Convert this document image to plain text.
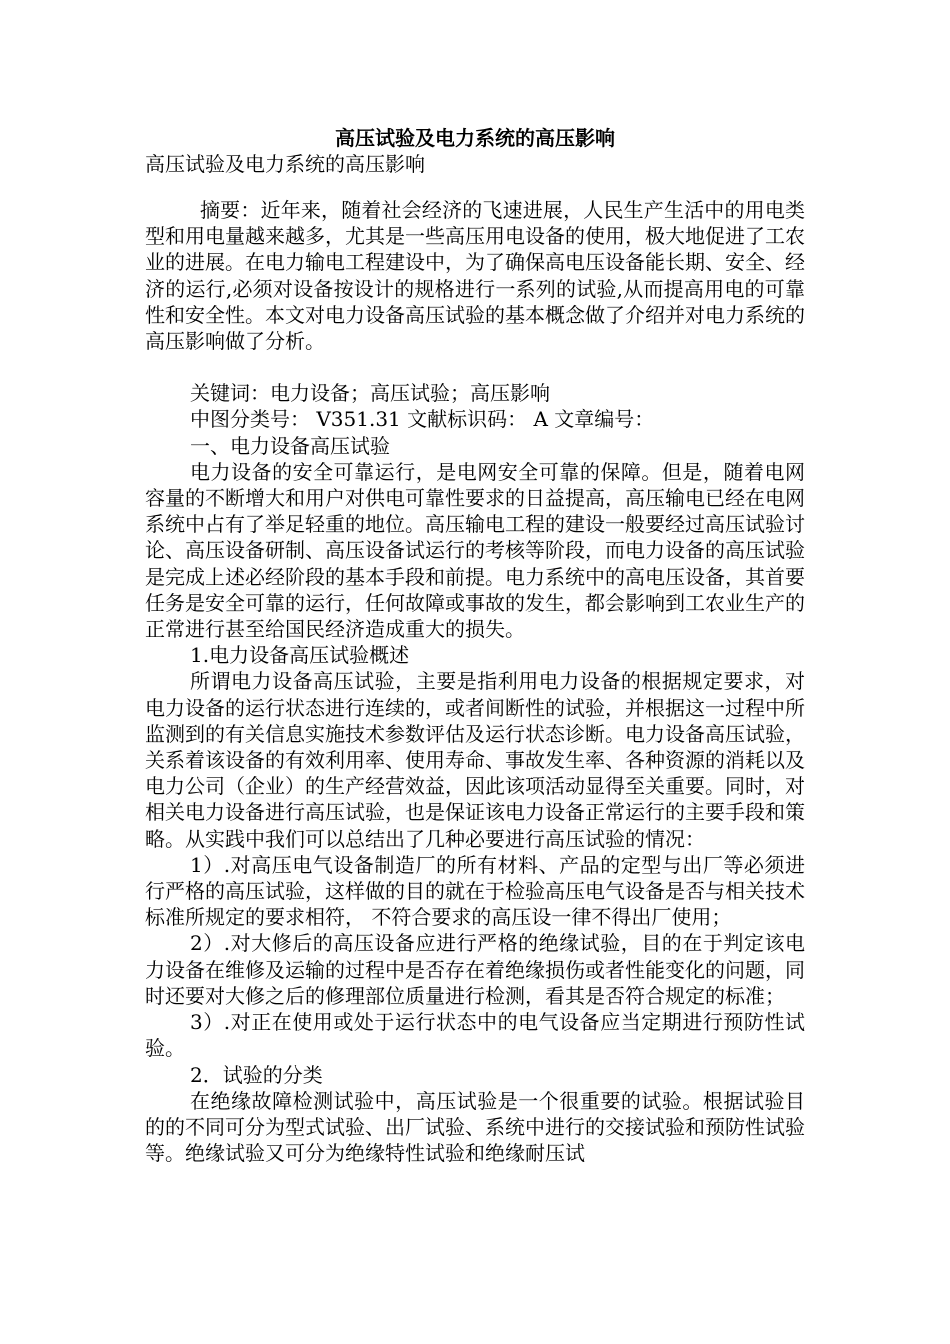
高压试验及电力系统的高压影响
高压试验及电力系统的高压影响

摘要：近年来，随着社会经济的飞速进展，人民生产生活中的用电类型和用电量越来越多，尤其是一些高压用电设备的使用，极大地促进了工农业的进展。在电力输电工程建设中，为了确保高电压设备能长期、安全、经济的运行,必须对设备按设计的规格进行一系列的试验,从而提高用电的可靠性和安全性。本文对电力设备高压试验的基本概念做了介绍并对电力系统的高压影响做了分析。

关键词：电力设备；高压试验；高压影响

中图分类号： V351.31 文献标识码： A 文章编号：

一、电力设备高压试验

电力设备的安全可靠运行，是电网安全可靠的保障。但是，随着电网容量的不断增大和用户对供电可靠性要求的日益提高，高压输电已经在电网系统中占有了举足轻重的地位。高压输电工程的建设一般要经过高压试验讨论、高压设备研制、高压设备试运行的考核等阶段，而电力设备的高压试验是完成上述必经阶段的基本手段和前提。电力系统中的高电压设备，其首要任务是安全可靠的运行，任何故障或事故的发生，都会影响到工农业生产的正常进行甚至给国民经济造成重大的损失。

1.电力设备高压试验概述

所谓电力设备高压试验，主要是指利用电力设备的根据规定要求，对电力设备的运行状态进行连续的，或者间断性的试验，并根据这一过程中所监测到的有关信息实施技术参数评估及运行状态诊断。电力设备高压试验，关系着该设备的有效利用率、使用寿命、事故发生率、各种资源的消耗以及电力公司（企业）的生产经营效益，因此该项活动显得至关重要。同时，对相关电力设备进行高压试验，也是保证该电力设备正常运行的主要手段和策略。从实践中我们可以总结出了几种必要进行高压试验的情况：

1）.对高压电气设备制造厂的所有材料、产品的定型与出厂等必须进行严格的高压试验，这样做的目的就在于检验高压电气设备是否与相关技术标准所规定的要求相符， 不符合要求的高压设一律不得出厂使用；

2）.对大修后的高压设备应进行严格的绝缘试验，目的在于判定该电力设备在维修及运输的过程中是否存在着绝缘损伤或者性能变化的问题，同时还要对大修之后的修理部位质量进行检测，看其是否符合规定的标准；

3）.对正在使用或处于运行状态中的电气设备应当定期进行预防性试验。

2．试验的分类

在绝缘故障检测试验中，高压试验是一个很重要的试验。根据试验目的的不同可分为型式试验、出厂试验、系统中进行的交接试验和预防性试验等。绝缘试验又可分为绝缘特性试验和绝缘耐压试
